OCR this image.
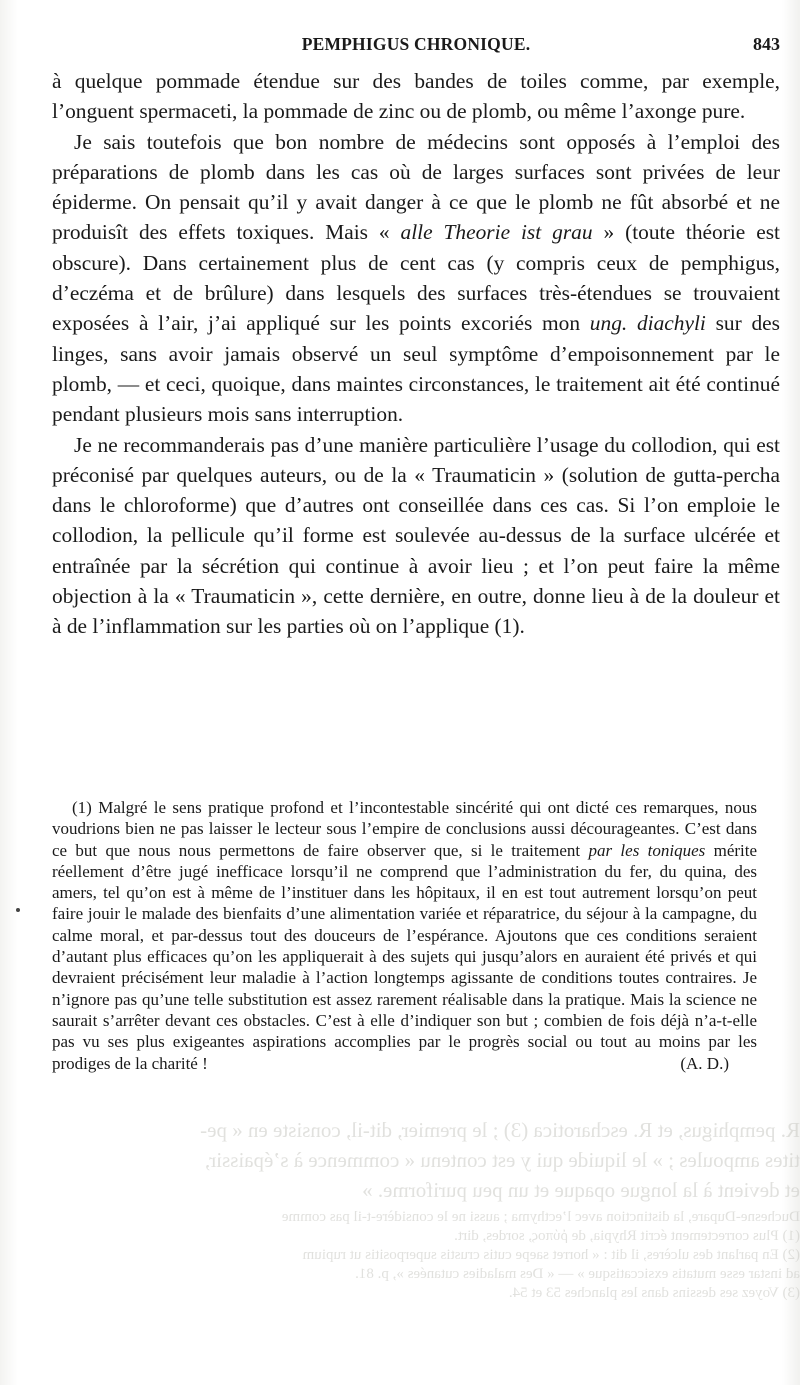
R. pemphigus, et R. escharotica (3) ; le premier, dit-il, consiste en « pe-
tites ampoules ; » le liquide qui y est contenu « commence à s’épaissir,
et devient à la longue opaque et un peu puriforme. »
Duchesne-Dupare, la distinction avec l’ecthyma ; aussi ne le considère-t-il pas comme
(1) Plus correctement écrit Rhypia, de ῥύπος, sordes, dirt.
(2) En parlant des ulcères, il dit : « horret saepe cutis crustis superpositis ut rupium
ad instar esse mutatis exsiccatisque » — « Des maladies cutanées », p. 81.
(3) Voyez ses dessins dans les planches 53 et 54.
PEMPHIGUS CHRONIQUE.	843

à quelque pommade étendue sur des bandes de toiles comme, par exemple, l’onguent spermaceti, la pommade de zinc ou de plomb, ou même l’axonge pure.

Je sais toutefois que bon nombre de médecins sont opposés à l’emploi des préparations de plomb dans les cas où de larges surfaces sont privées de leur épiderme. On pensait qu’il y avait danger à ce que le plomb ne fût absorbé et ne produisît des effets toxiques. Mais « alle Theorie ist grau » (toute théorie est obscure). Dans certainement plus de cent cas (y compris ceux de pemphigus, d’eczéma et de brûlure) dans lesquels des surfaces très-étendues se trouvaient exposées à l’air, j’ai appliqué sur les points excoriés mon ung. diachyli sur des linges, sans avoir jamais observé un seul symptôme d’empoisonnement par le plomb, — et ceci, quoique, dans maintes circonstances, le traitement ait été continué pendant plusieurs mois sans interruption.

Je ne recommanderais pas d’une manière particulière l’usage du collodion, qui est préconisé par quelques auteurs, ou de la « Traumaticin » (solution de gutta-percha dans le chloroforme) que d’autres ont conseillée dans ces cas. Si l’on emploie le collodion, la pellicule qu’il forme est soulevée au-dessus de la surface ulcérée et entraînée par la sécrétion qui continue à avoir lieu ; et l’on peut faire la même objection à la « Traumaticin », cette dernière, en outre, donne lieu à de la douleur et à de l’inflammation sur les parties où on l’applique (1).

(1) Malgré le sens pratique profond et l’incontestable sincérité qui ont dicté ces remarques, nous voudrions bien ne pas laisser le lecteur sous l’empire de conclusions aussi décourageantes. C’est dans ce but que nous nous permettons de faire observer que, si le traitement par les toniques mérite réellement d’être jugé inefficace lorsqu’il ne comprend que l’administration du fer, du quina, des amers, tel qu’on est à même de l’instituer dans les hôpitaux, il en est tout autrement lorsqu’on peut faire jouir le malade des bienfaits d’une alimentation variée et réparatrice, du séjour à la campagne, du calme moral, et par-dessus tout des douceurs de l’espérance. Ajoutons que ces conditions seraient d’autant plus efficaces qu’on les appliquerait à des sujets qui jusqu’alors en auraient été privés et qui devraient précisément leur maladie à l’action longtemps agissante de conditions toutes contraires. Je n’ignore pas qu’une telle substitution est assez rarement réalisable dans la pratique. Mais la science ne saurait s’arrêter devant ces obstacles. C’est à elle d’indiquer son but ; combien de fois déjà n’a-t-elle pas vu ses plus exigeantes aspirations accomplies par le progrès social ou tout au moins par les prodiges de la charité !	(A. D.)
